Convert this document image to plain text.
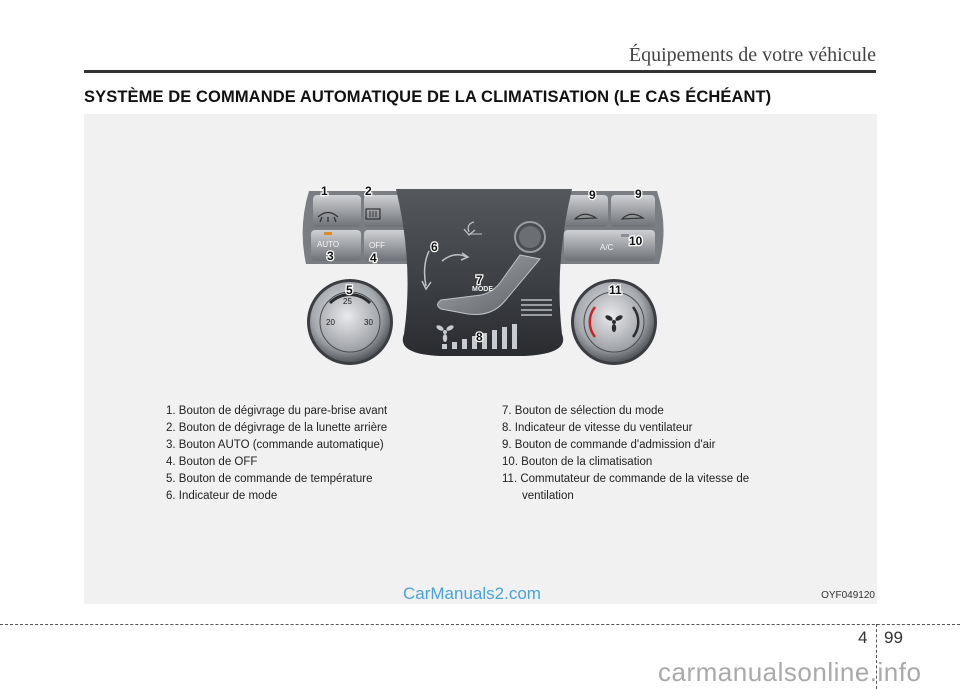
Équipements de votre véhicule
SYSTÈME DE COMMANDE AUTOMATIQUE DE LA CLIMATISATION (LE CAS ÉCHÉANT)
AUTO	OFF	A/C
MODE
25
20	30
1	2
3	4
5
6
7
8
9	9
10
11
1. Bouton de dégivrage du pare-brise avant
2. Bouton de dégivrage de la lunette arrière
3. Bouton AUTO (commande automatique)
4. Bouton de OFF
5. Bouton de commande de température
6. Indicateur de mode
7. Bouton de sélection du mode
8. Indicateur de vitesse du ventilateur
9. Bouton de commande d'admission d'air
10. Bouton de la climatisation
11. Commutateur de commande de la vitesse de
ventilation
OYF049120
CarManuals2.com
4 99
carmanualsonline.info
